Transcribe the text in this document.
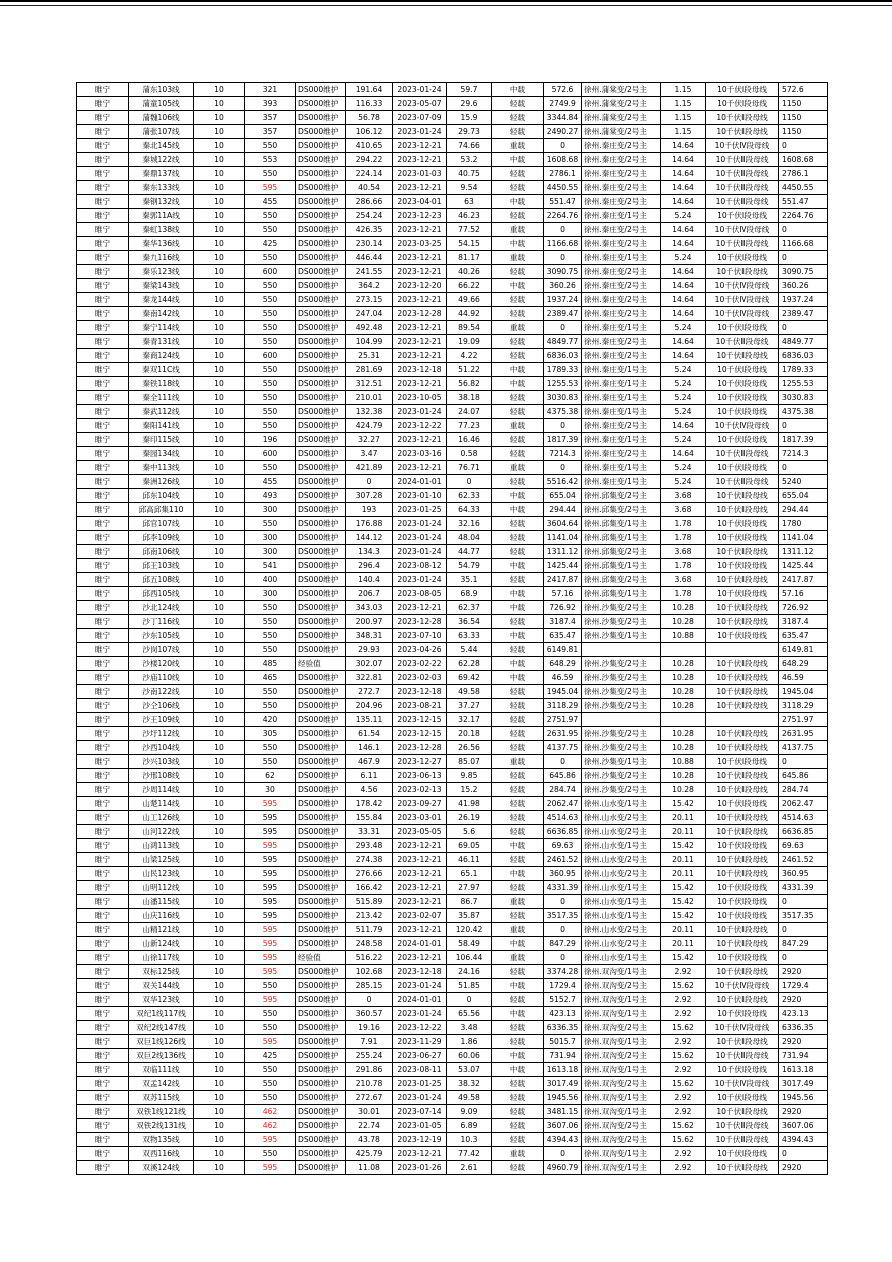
睢宁	蒲东103线	10	321	DS000维护	191.64	2023-01-24	59.7	中载	572.6	徐州.蒲棠变/2号主	1.15	10千伏Ⅰ段母线	572.6
睢宁	蒲童105线	10	393	DS000维护	116.33	2023-05-07	29.6	轻载	2749.9	徐州.蒲棠变/2号主	1.15	10千伏Ⅰ段母线	1150
睢宁	蒲魏106线	10	357	DS000维护	56.78	2023-07-09	15.9	轻载	3344.84	徐州.蒲棠变/2号主	1.15	10千伏Ⅱ段母线	1150
睢宁	蒲张107线	10	357	DS000维护	106.12	2023-01-24	29.73	轻载	2490.27	徐州.蒲棠变/2号主	1.15	10千伏Ⅱ段母线	1150
睢宁	秦北145线	10	550	DS000维护	410.65	2023-12-21	74.66	重载	0	徐州.秦庄变/2号主	14.64	10千伏Ⅳ段母线	0
睢宁	秦城122线	10	553	DS000维护	294.22	2023-12-21	53.2	中载	1608.68	徐州.秦庄变/2号主	14.64	10千伏Ⅲ段母线	1608.68
睢宁	秦鼎137线	10	550	DS000维护	224.14	2023-01-03	40.75	轻载	2786.1	徐州.秦庄变/2号主	14.64	10千伏Ⅲ段母线	2786.1
睢宁	秦东133线	10	595	DS000维护	40.54	2023-12-21	9.54	轻载	4450.55	徐州.秦庄变/2号主	14.64	10千伏Ⅲ段母线	4450.55
睢宁	秦钢132线	10	455	DS000维护	286.66	2023-04-01	63	中载	551.47	徐州.秦庄变/2号主	14.64	10千伏Ⅲ段母线	551.47
睢宁	秦郭11A线	10	550	DS000维护	254.24	2023-12-23	46.23	轻载	2264.76	徐州.秦庄变/1号主	5.24	10千伏Ⅰ段母线	2264.76
睢宁	秦虹138线	10	550	DS000维护	426.35	2023-12-21	77.52	重载	0	徐州.秦庄变/2号主	14.64	10千伏Ⅳ段母线	0
睢宁	秦华136线	10	425	DS000维护	230.14	2023-03-25	54.15	中载	1166.68	徐州.秦庄变/2号主	14.64	10千伏Ⅲ段母线	1166.68
睢宁	秦九116线	10	550	DS000维护	446.44	2023-12-21	81.17	重载	0	徐州.秦庄变/1号主	5.24	10千伏Ⅰ段母线	0
睢宁	秦乐123线	10	600	DS000维护	241.55	2023-12-21	40.26	轻载	3090.75	徐州.秦庄变/2号主	14.64	10千伏Ⅱ段母线	3090.75
睢宁	秦梁143线	10	550	DS000维护	364.2	2023-12-20	66.22	中载	360.26	徐州.秦庄变/2号主	14.64	10千伏Ⅳ段母线	360.26
睢宁	秦龙144线	10	550	DS000维护	273.15	2023-12-21	49.66	轻载	1937.24	徐州.秦庄变/2号主	14.64	10千伏Ⅳ段母线	1937.24
睢宁	秦南142线	10	550	DS000维护	247.04	2023-12-28	44.92	轻载	2389.47	徐州.秦庄变/2号主	14.64	10千伏Ⅳ段母线	2389.47
睢宁	秦宁114线	10	550	DS000维护	492.48	2023-12-21	89.54	重载	0	徐州.秦庄变/1号主	5.24	10千伏Ⅰ段母线	0
睢宁	秦青131线	10	550	DS000维护	104.99	2023-12-21	19.09	轻载	4849.77	徐州.秦庄变/2号主	14.64	10千伏Ⅲ段母线	4849.77
睢宁	秦商124线	10	600	DS000维护	25.31	2023-12-21	4.22	轻载	6836.03	徐州.秦庄变/2号主	14.64	10千伏Ⅱ段母线	6836.03
睢宁	秦双11C线	10	550	DS000维护	281.69	2023-12-18	51.22	中载	1789.33	徐州.秦庄变/1号主	5.24	10千伏Ⅰ段母线	1789.33
睢宁	秦铁118线	10	550	DS000维护	312.51	2023-12-21	56.82	中载	1255.53	徐州.秦庄变/1号主	5.24	10千伏Ⅰ段母线	1255.53
睢宁	秦全111线	10	550	DS000维护	210.01	2023-10-05	38.18	轻载	3030.83	徐州.秦庄变/1号主	5.24	10千伏Ⅰ段母线	3030.83
睢宁	秦武112线	10	550	DS000维护	132.38	2023-01-24	24.07	轻载	4375.38	徐州.秦庄变/1号主	5.24	10千伏Ⅰ段母线	4375.38
睢宁	秦阳141线	10	550	DS000维护	424.79	2023-12-22	77.23	重载	0	徐州.秦庄变/2号主	14.64	10千伏Ⅳ段母线	0
睢宁	秦印115线	10	196	DS000维护	32.27	2023-12-21	16.46	轻载	1817.39	徐州.秦庄变/1号主	5.24	10千伏Ⅰ段母线	1817.39
睢宁	秦园134线	10	600	DS000维护	3.47	2023-03-16	0.58	轻载	7214.3	徐州.秦庄变/2号主	14.64	10千伏Ⅲ段母线	7214.3
睢宁	秦中113线	10	550	DS000维护	421.89	2023-12-21	76.71	重载	0	徐州.秦庄变/1号主	5.24	10千伏Ⅰ段母线	0
睢宁	秦洲126线	10	455	DS000维护	0	2024-01-01	0	轻载	5516.42	徐州.秦庄变/1号主	5.24	10千伏Ⅲ段母线	5240
睢宁	邱东104线	10	493	DS000维护	307.28	2023-01-10	62.33	中载	655.04	徐州.邱集变/2号主	3.68	10千伏Ⅱ段母线	655.04
睢宁	邱高邱集110	10	300	DS000维护	193	2023-01-25	64.33	中载	294.44	徐州.邱集变/2号主	3.68	10千伏Ⅱ段母线	294.44
睢宁	邱官107线	10	550	DS000维护	176.88	2023-01-24	32.16	轻载	3604.64	徐州.邱集变/1号主	1.78	10千伏Ⅰ段母线	1780
睢宁	邱李109线	10	300	DS000维护	144.12	2023-01-24	48.04	轻载	1141.04	徐州.邱集变/1号主	1.78	10千伏Ⅰ段母线	1141.04
睢宁	邱南106线	10	300	DS000维护	134.3	2023-01-24	44.77	轻载	1311.12	徐州.邱集变/2号主	3.68	10千伏Ⅱ段母线	1311.12
睢宁	邱王103线	10	541	DS000维护	296.4	2023-08-12	54.79	中载	1425.44	徐州.邱集变/1号主	1.78	10千伏Ⅰ段母线	1425.44
睢宁	邱五108线	10	400	DS000维护	140.4	2023-01-24	35.1	轻载	2417.87	徐州.邱集变/2号主	3.68	10千伏Ⅱ段母线	2417.87
睢宁	邱西105线	10	300	DS000维护	206.7	2023-08-05	68.9	中载	57.16	徐州.邱集变/1号主	1.78	10千伏Ⅰ段母线	57.16
睢宁	沙北124线	10	550	DS000维护	343.03	2023-12-21	62.37	中载	726.92	徐州.沙集变/2号主	10.28	10千伏Ⅱ段母线	726.92
睢宁	沙丁116线	10	550	DS000维护	200.97	2023-12-28	36.54	轻载	3187.4	徐州.沙集变/2号主	10.28	10千伏Ⅱ段母线	3187.4
睢宁	沙东105线	10	550	DS000维护	348.31	2023-07-10	63.33	中载	635.47	徐州.沙集变/1号主	10.88	10千伏Ⅰ段母线	635.47
睢宁	沙岗107线	10	550	DS000维护	29.93	2023-04-26	5.44	轻载	6149.81				6149.81
睢宁	沙楼120线	10	485	经验值	302.07	2023-02-22	62.28	中载	648.29	徐州.沙集变/2号主	10.28	10千伏Ⅱ段母线	648.29
睢宁	沙庙110线	10	465	DS000维护	322.81	2023-02-03	69.42	中载	46.59	徐州.沙集变/2号主	10.28	10千伏Ⅱ段母线	46.59
睢宁	沙南122线	10	550	DS000维护	272.7	2023-12-18	49.58	轻载	1945.04	徐州.沙集变/2号主	10.28	10千伏Ⅱ段母线	1945.04
睢宁	沙仝106线	10	550	DS000维护	204.96	2023-08-21	37.27	轻载	3118.29	徐州.沙集变/2号主	10.28	10千伏Ⅱ段母线	3118.29
睢宁	沙王109线	10	420	DS000维护	135.11	2023-12-15	32.17	轻载	2751.97				2751.97
睢宁	沙圩112线	10	305	DS000维护	61.54	2023-12-15	20.18	轻载	2631.95	徐州.沙集变/2号主	10.28	10千伏Ⅱ段母线	2631.95
睢宁	沙西104线	10	550	DS000维护	146.1	2023-12-28	26.56	轻载	4137.75	徐州.沙集变/2号主	10.28	10千伏Ⅱ段母线	4137.75
睢宁	沙兴103线	10	550	DS000维护	467.9	2023-12-27	85.07	重载	0	徐州.沙集变/1号主	10.88	10千伏Ⅰ段母线	0
睢宁	沙邢108线	10	62	DS000维护	6.11	2023-06-13	9.85	轻载	645.86	徐州.沙集变/2号主	10.28	10千伏Ⅱ段母线	645.86
睢宁	沙周114线	10	30	DS000维护	4.56	2023-02-13	15.2	轻载	284.74	徐州.沙集变/2号主	10.28	10千伏Ⅱ段母线	284.74
睢宁	山楚114线	10	595	DS000维护	178.42	2023-09-27	41.98	轻载	2062.47	徐州.山水变/1号主	15.42	10千伏Ⅰ段母线	2062.47
睢宁	山工126线	10	595	DS000维护	155.84	2023-03-01	26.19	轻载	4514.63	徐州.山水变/2号主	20.11	10千伏Ⅱ段母线	4514.63
睢宁	山河122线	10	595	DS000维护	33.31	2023-05-05	5.6	轻载	6636.85	徐州.山水变/2号主	20.11	10千伏Ⅱ段母线	6636.85
睢宁	山鸿113线	10	595	DS000维护	293.48	2023-12-21	69.05	中载	69.63	徐州.山水变/1号主	15.42	10千伏Ⅰ段母线	69.63
睢宁	山梁125线	10	595	DS000维护	274.38	2023-12-21	46.11	轻载	2461.52	徐州.山水变/2号主	20.11	10千伏Ⅱ段母线	2461.52
睢宁	山民123线	10	595	DS000维护	276.66	2023-12-21	65.1	中载	360.95	徐州.山水变/2号主	20.11	10千伏Ⅱ段母线	360.95
睢宁	山明112线	10	595	DS000维护	166.42	2023-12-21	27.97	轻载	4331.39	徐州.山水变/1号主	15.42	10千伏Ⅰ段母线	4331.39
睢宁	山潘115线	10	595	DS000维护	515.89	2023-12-21	86.7	重载	0	徐州.山水变/1号主	15.42	10千伏Ⅰ段母线	0
睢宁	山庆116线	10	595	DS000维护	213.42	2023-02-07	35.87	轻载	3517.35	徐州.山水变/1号主	15.42	10千伏Ⅰ段母线	3517.35
睢宁	山精121线	10	595	DS000维护	511.79	2023-12-21	120.42	重载	0	徐州.山水变/2号主	20.11	10千伏Ⅱ段母线	0
睢宁	山新124线	10	595	DS000维护	248.58	2024-01-01	58.49	中载	847.29	徐州.山水变/2号主	20.11	10千伏Ⅱ段母线	847.29
睢宁	山徐117线	10	595	经验值	516.22	2023-12-21	106.44	重载	0	徐州.山水变/1号主	15.42	10千伏Ⅰ段母线	0
睢宁	双标125线	10	595	DS000维护	102.68	2023-12-18	24.16	轻载	3374.28	徐州.双沟变/1号主	2.92	10千伏Ⅱ段母线	2920
睢宁	双关144线	10	550	DS000维护	285.15	2023-01-24	51.85	中载	1729.4	徐州.双沟变/2号主	15.62	10千伏Ⅳ段母线	1729.4
睢宁	双华123线	10	595	DS000维护	0	2024-01-01	0	轻载	5152.7	徐州.双沟变/1号主	2.92	10千伏Ⅱ段母线	2920
睢宁	双纪1线117线	10	550	DS000维护	360.57	2023-01-24	65.56	中载	423.13	徐州.双沟变/1号主	2.92	10千伏Ⅰ段母线	423.13
睢宁	双纪2线147线	10	550	DS000维护	19.16	2023-12-22	3.48	轻载	6336.35	徐州.双沟变/2号主	15.62	10千伏Ⅳ段母线	6336.35
睢宁	双巨1线126线	10	595	DS000维护	7.91	2023-11-29	1.86	轻载	5015.7	徐州.双沟变/1号主	2.92	10千伏Ⅱ段母线	2920
睢宁	双巨2线136线	10	425	DS000维护	255.24	2023-06-27	60.06	中载	731.94	徐州.双沟变/2号主	15.62	10千伏Ⅲ段母线	731.94
睢宁	双临111线	10	550	DS000维护	291.86	2023-08-11	53.07	中载	1613.18	徐州.双沟变/1号主	2.92	10千伏Ⅰ段母线	1613.18
睢宁	双孟142线	10	550	DS000维护	210.78	2023-01-25	38.32	轻载	3017.49	徐州.双沟变/2号主	15.62	10千伏Ⅳ段母线	3017.49
睢宁	双苏115线	10	550	DS000维护	272.67	2023-01-24	49.58	轻载	1945.56	徐州.双沟变/1号主	2.92	10千伏Ⅰ段母线	1945.56
睢宁	双铁1线121线	10	462	DS000维护	30.01	2023-07-14	9.09	轻载	3481.15	徐州.双沟变/1号主	2.92	10千伏Ⅱ段母线	2920
睢宁	双铁2线131线	10	462	DS000维护	22.74	2023-01-05	6.89	轻载	3607.06	徐州.双沟变/2号主	15.62	10千伏Ⅲ段母线	3607.06
睢宁	双物135线	10	595	DS000维护	43.78	2023-12-19	10.3	轻载	4394.43	徐州.双沟变/2号主	15.62	10千伏Ⅲ段母线	4394.43
睢宁	双西116线	10	550	DS000维护	425.79	2023-12-21	77.42	重载	0	徐州.双沟变/1号主	2.92	10千伏Ⅰ段母线	0
睢宁	双溪124线	10	595	DS000维护	11.08	2023-01-26	2.61	轻载	4960.79	徐州.双沟变/1号主	2.92	10千伏Ⅱ段母线	2920
